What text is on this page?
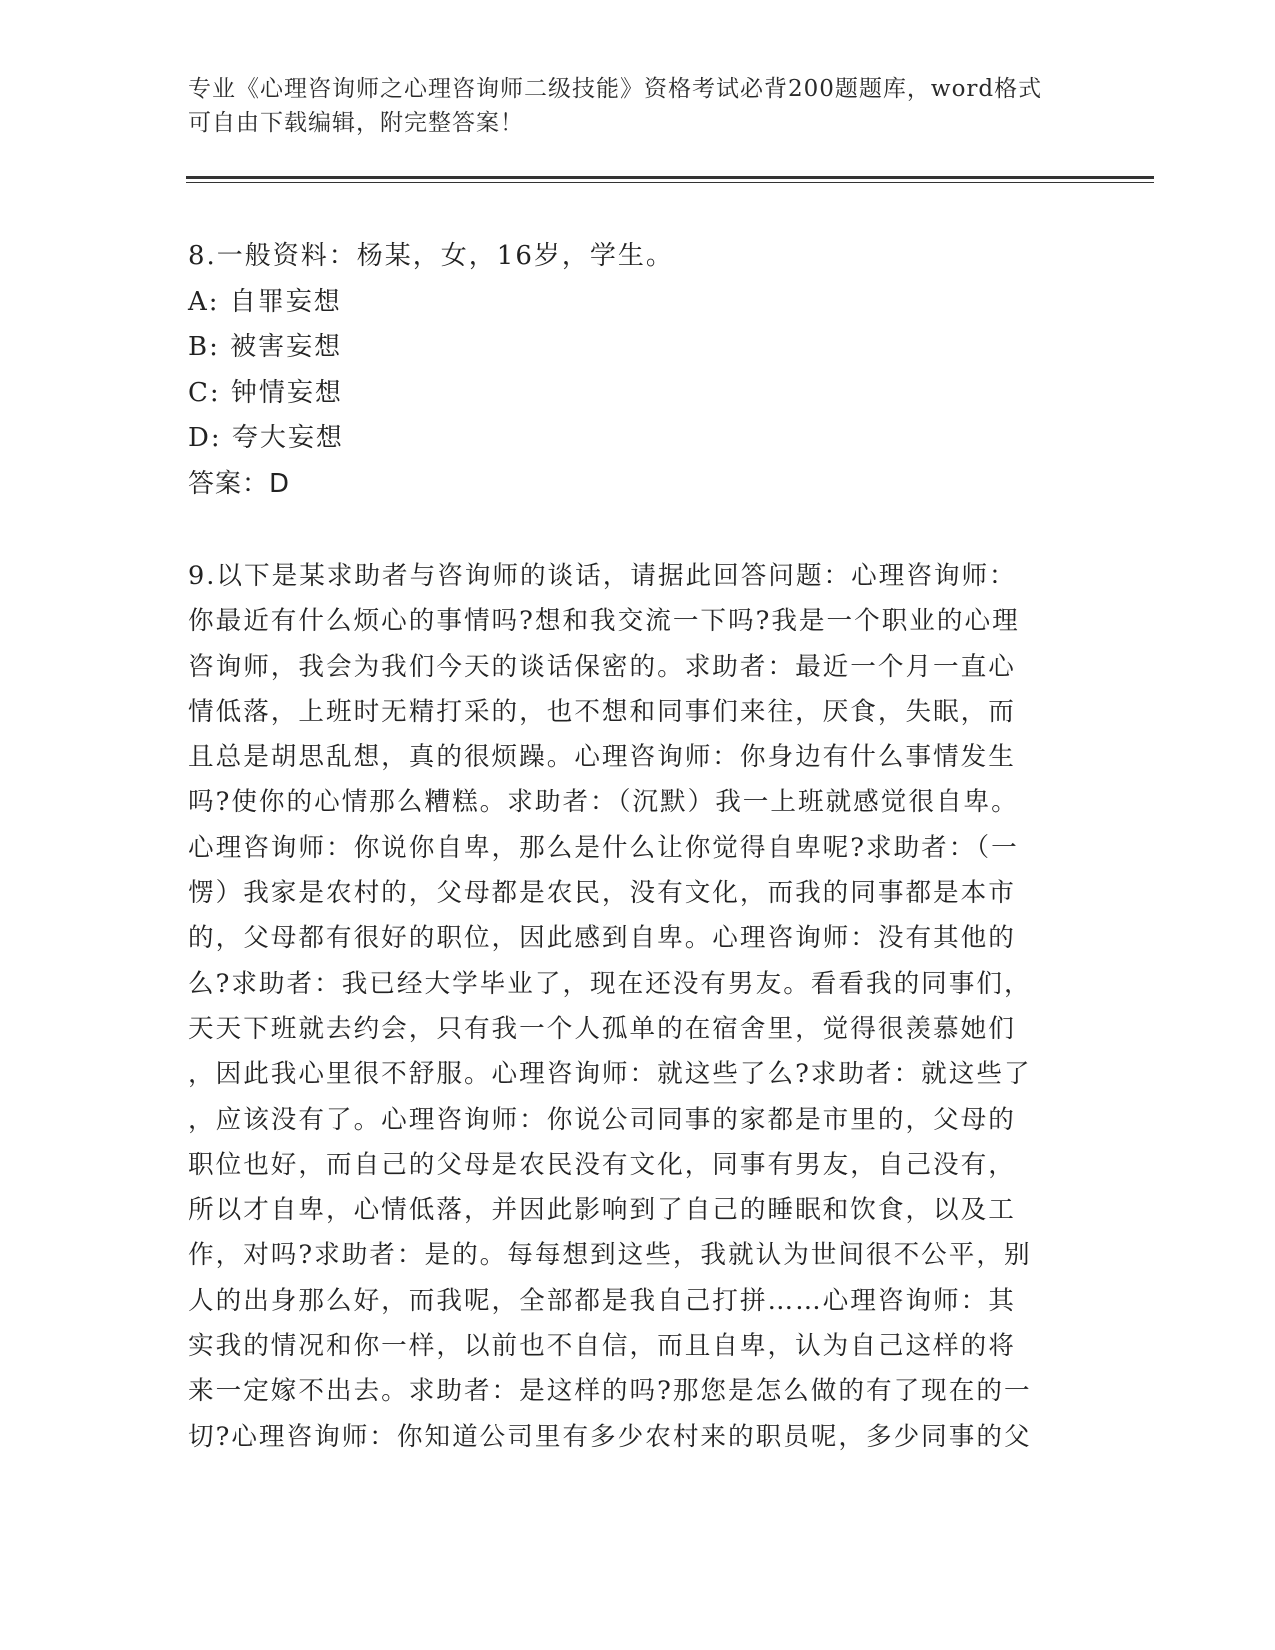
专业《心理咨询师之心理咨询师二级技能》资格考试必背200题题库，word格式
可自由下载编辑，附完整答案！
8.一般资料：杨某，女，16岁，学生。
A: 自罪妄想
B: 被害妄想
C: 钟情妄想
D: 夸大妄想
答案：D
9.以下是某求助者与咨询师的谈话，请据此回答问题：心理咨询师：
你最近有什么烦心的事情吗?想和我交流一下吗?我是一个职业的心理
咨询师，我会为我们今天的谈话保密的。求助者：最近一个月一直心
情低落，上班时无精打采的，也不想和同事们来往，厌食，失眠，而
且总是胡思乱想，真的很烦躁。心理咨询师：你身边有什么事情发生
吗?使你的心情那么糟糕。求助者：（沉默）我一上班就感觉很自卑。
心理咨询师：你说你自卑，那么是什么让你觉得自卑呢?求助者：（一
愣）我家是农村的，父母都是农民，没有文化，而我的同事都是本市
的，父母都有很好的职位，因此感到自卑。心理咨询师：没有其他的
么?求助者：我已经大学毕业了，现在还没有男友。看看我的同事们，
天天下班就去约会，只有我一个人孤单的在宿舍里，觉得很羡慕她们
，因此我心里很不舒服。心理咨询师：就这些了么?求助者：就这些了
，应该没有了。心理咨询师：你说公司同事的家都是市里的，父母的
职位也好，而自己的父母是农民没有文化，同事有男友，自己没有，
所以才自卑，心情低落，并因此影响到了自己的睡眠和饮食，以及工
作，对吗?求助者：是的。每每想到这些，我就认为世间很不公平，别
人的出身那么好，而我呢，全部都是我自己打拼……心理咨询师：其
实我的情况和你一样，以前也不自信，而且自卑，认为自己这样的将
来一定嫁不出去。求助者：是这样的吗?那您是怎么做的有了现在的一
切?心理咨询师：你知道公司里有多少农村来的职员呢，多少同事的父
